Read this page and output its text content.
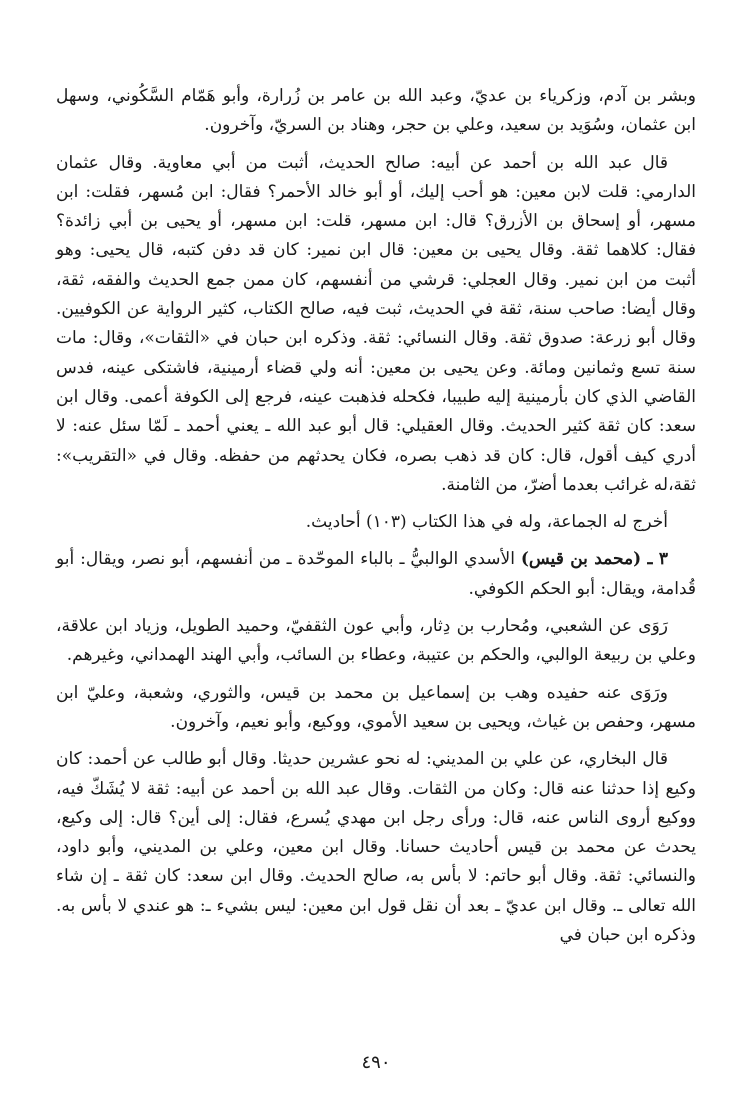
وبشر بن آدم، وزكرياء بن عديّ، وعبد الله بن عامر بن زُرارة، وأبو هَمّام السَّكُوني، وسهل ابن عثمان، وسُوَيد بن سعيد، وعلي بن حجر، وهناد بن السريّ، وآخرون.

قال عبد الله بن أحمد عن أبيه: صالح الحديث، أثبت من أبي معاوية. وقال عثمان الدارمي: قلت لابن معين: هو أحب إليك، أو أبو خالد الأحمر؟ فقال: ابن مُسهر، فقلت: ابن مسهر، أو إسحاق بن الأزرق؟ قال: ابن مسهر، قلت: ابن مسهر، أو يحيى بن أبي زائدة؟ فقال: كلاهما ثقة. وقال يحيى بن معين: قال ابن نمير: كان قد دفن كتبه، قال يحيى: وهو أثبت من ابن نمير. وقال العجلي: قرشي من أنفسهم، كان ممن جمع الحديث والفقه، ثقة، وقال أيضا: صاحب سنة، ثقة في الحديث، ثبت فيه، صالح الكتاب، كثير الرواية عن الكوفيين. وقال أبو زرعة: صدوق ثقة. وقال النسائي: ثقة. وذكره ابن حبان في «الثقات»، وقال: مات سنة تسع وثمانين ومائة. وعن يحيى بن معين: أنه ولي قضاء أرمينية، فاشتكى عينه، فدس القاضي الذي كان بأرمينية إليه طبيبا، فكحله فذهبت عينه، فرجع إلى الكوفة أعمى. وقال ابن سعد: كان ثقة كثير الحديث. وقال العقيلي: قال أبو عبد الله ـ يعني أحمد ـ لَمّا سئل عنه: لا أدري كيف أقول، قال: كان قد ذهب بصره، فكان يحدثهم من حفظه. وقال في «التقريب»: ثقة،له غرائب بعدما أضرّ، من الثامنة.

أخرج له الجماعة، وله في هذا الكتاب (١٠٣) أحاديث.

٣ ـ (محمد بن قيس) الأسدي الوالبيُّ ـ بالباء الموحّدة ـ من أنفسهم، أبو نصر، ويقال: أبو قُدامة، ويقال: أبو الحكم الكوفي.

رَوَى عن الشعبي، ومُحارب بن دِثار، وأبي عون الثقفيّ، وحميد الطويل، وزياد ابن علاقة، وعلي بن ربيعة الوالبي، والحكم بن عتيبة، وعطاء بن السائب، وأبي الهند الهمداني، وغيرهم.

ورَوَى عنه حفيده وهب بن إسماعيل بن محمد بن قيس، والثوري، وشعبة، وعليّ ابن مسهر، وحفص بن غياث، ويحيى بن سعيد الأموي، ووكيع، وأبو نعيم، وآخرون.

قال البخاري، عن علي بن المديني: له نحو عشرين حديثا. وقال أبو طالب عن أحمد: كان وكيع إذا حدثنا عنه قال: وكان من الثقات. وقال عبد الله بن أحمد عن أبيه: ثقة لا يُشَكّ فيه، ووكيع أروى الناس عنه، قال: ورأى رجل ابن مهدي يُسرع، فقال: إلى أين؟ قال: إلى وكيع، يحدث عن محمد بن قيس أحاديث حسانا. وقال ابن معين، وعلي بن المديني، وأبو داود، والنسائي: ثقة. وقال أبو حاتم: لا بأس به، صالح الحديث. وقال ابن سعد: كان ثقة ـ إن شاء الله تعالى ـ. وقال ابن عديّ ـ بعد أن نقل قول ابن معين: ليس بشيء ـ: هو عندي لا بأس به. وذكره ابن حبان في

٤٩٠
